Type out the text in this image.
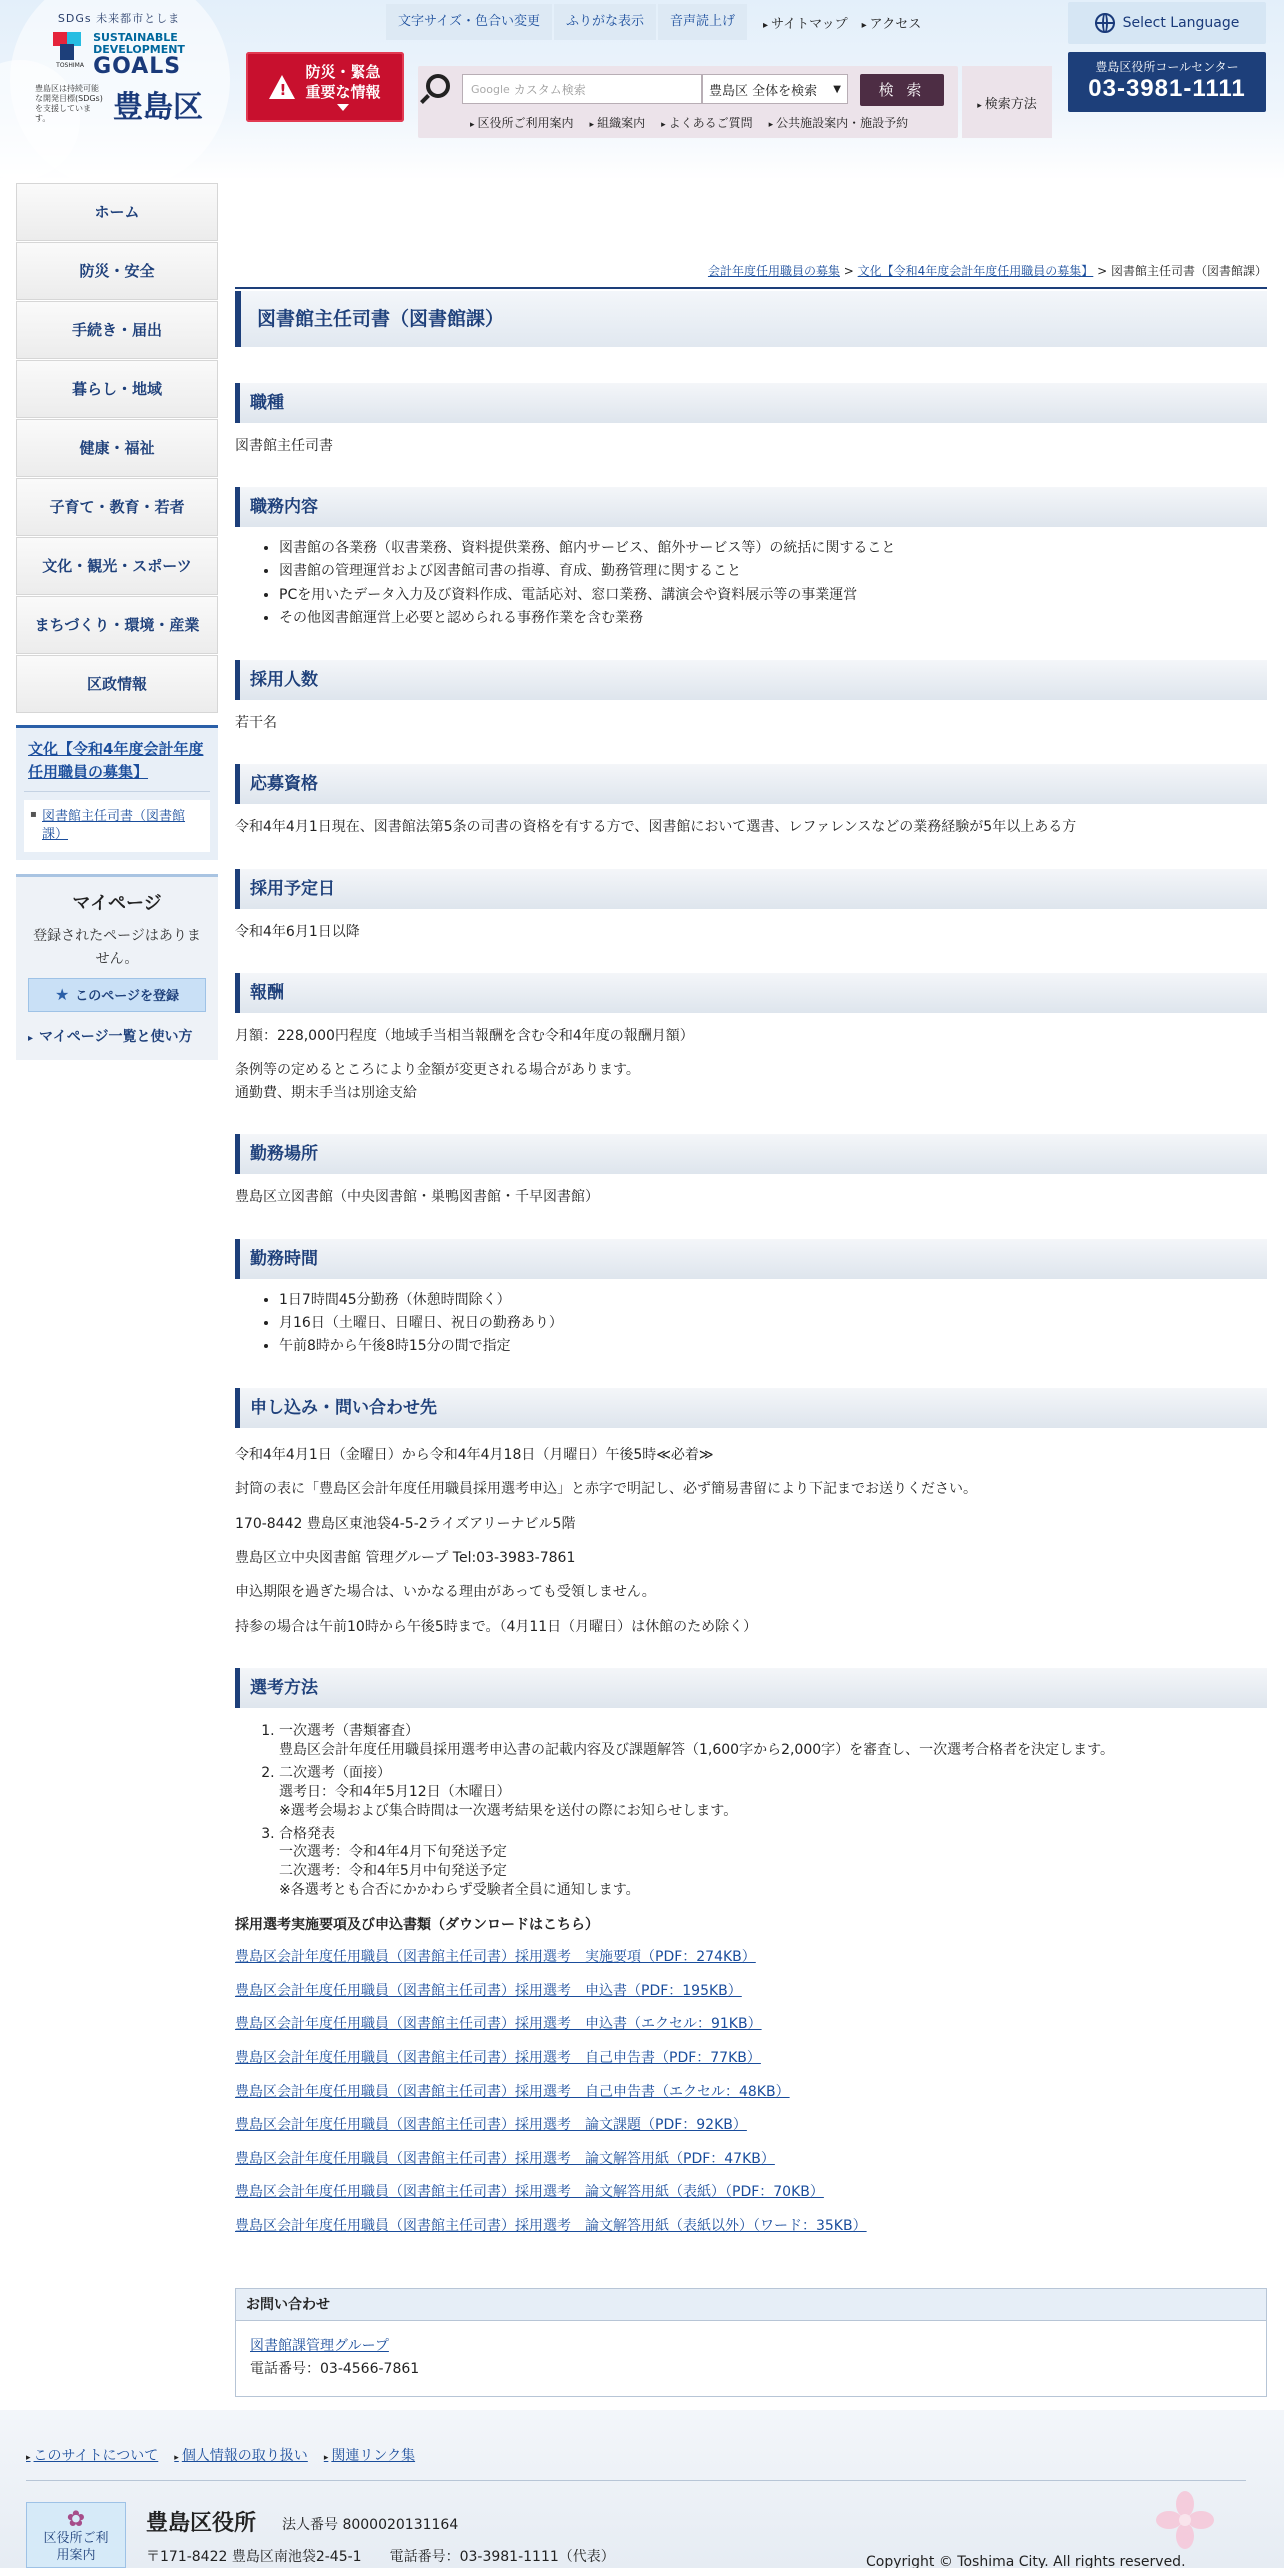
SDGs 未来都市としま
TOSHIMA
SUSTAINABLE
DEVELOPMENT
GOALS
豊島区は持続可能な開発目標(SDGs)を支援しています。	豊島区
!
防災・緊急
重要な情報
文字サイズ・色合い変更	ふりがな表示	音声読上げ	▸ サイトマップ	▸ アクセス	Select Language
Google カスタム検索	豊島区 全体を検索 ▼	検 索
▸ 区役所ご利用案内	▸ 組織案内	▸ よくあるご質問	▸ 公共施設案内・施設予約
▸ 検索方法
豊島区役所コールセンター
03-3981-1111
ホーム
防災・安全
手続き・届出
暮らし・地域
健康・福祉
子育て・教育・若者
文化・観光・スポーツ
まちづくり・環境・産業
区政情報
文化【令和4年度会計年度任用職員の募集】
▪ 図書館主任司書（図書館課）
マイページ
登録されたページはありません。
★ このページを登録
▸ マイページ一覧と使い方
会計年度任用職員の募集 > 文化【令和4年度会計年度任用職員の募集】 > 図書館主任司書（図書館課）
図書館主任司書（図書館課）
職種

図書館主任司書

職務内容
• 図書館の各業務（収書業務、資料提供業務、館内サービス、館外サービス等）の統括に関すること
• 図書館の管理運営および図書館司書の指導、育成、勤務管理に関すること
• PCを用いたデータ入力及び資料作成、電話応対、窓口業務、講演会や資料展示等の事業運営
• その他図書館運営上必要と認められる事務作業を含む業務
採用人数

若干名

応募資格

令和4年4月1日現在、図書館法第5条の司書の資格を有する方で、図書館において選書、レファレンスなどの業務経験が5年以上ある方

採用予定日

令和4年6月1日以降

報酬

月額：228,000円程度（地域手当相当報酬を含む令和4年度の報酬月額）

条例等の定めるところにより金額が変更される場合があります。

通勤費、期末手当は別途支給

勤務場所

豊島区立図書館（中央図書館・巣鴨図書館・千早図書館）

勤務時間
• 1日7時間45分勤務（休憩時間除く）
• 月16日（土曜日、日曜日、祝日の勤務あり）
• 午前8時から午後8時15分の間で指定
申し込み・問い合わせ先

令和4年4月1日（金曜日）から令和4年4月18日（月曜日）午後5時≪必着≫

封筒の表に「豊島区会計年度任用職員採用選考申込」と赤字で明記し、必ず簡易書留により下記までお送りください。

170-8442 豊島区東池袋4-5-2ライズアリーナビル5階

豊島区立中央図書館 管理グループ Tel:03-3983-7861

申込期限を過ぎた場合は、いかなる理由があっても受領しません。

持参の場合は午前10時から午後5時まで。（4月11日（月曜日）は休館のため除く）

選考方法
1. 一次選考（書類審査）
豊島区会計年度任用職員採用選考申込書の記載内容及び課題解答（1,600字から2,000字）を審査し、一次選考合格者を決定します。
2. 二次選考（面接）
選考日：令和4年5月12日（木曜日）
※選考会場および集合時間は一次選考結果を送付の際にお知らせします。
3. 合格発表
一次選考：令和4年4月下旬発送予定
二次選考：令和4年5月中旬発送予定
※各選考とも合否にかかわらず受験者全員に通知します。
採用選考実施要項及び申込書類（ダウンロードはこちら）
豊島区会計年度任用職員（図書館主任司書）採用選考　実施要項（PDF：274KB）
豊島区会計年度任用職員（図書館主任司書）採用選考　申込書（PDF：195KB）
豊島区会計年度任用職員（図書館主任司書）採用選考　申込書（エクセル：91KB）
豊島区会計年度任用職員（図書館主任司書）採用選考　自己申告書（PDF：77KB）
豊島区会計年度任用職員（図書館主任司書）採用選考　自己申告書（エクセル：48KB）
豊島区会計年度任用職員（図書館主任司書）採用選考　論文課題（PDF：92KB）
豊島区会計年度任用職員（図書館主任司書）採用選考　論文解答用紙（PDF：47KB）
豊島区会計年度任用職員（図書館主任司書）採用選考　論文解答用紙（表紙）（PDF：70KB）
豊島区会計年度任用職員（図書館主任司書）採用選考　論文解答用紙（表紙以外）（ワード：35KB）
お問い合わせ
図書館課管理グループ
電話番号：03-4566-7861
▲
▸ このサイトについて	▸ 個人情報の取り扱い	▸ 関連リンク集
✿
区役所ご利用案内
豊島区役所 法人番号 8000020131164
〒171-8422 豊島区南池袋2-45-1　　電話番号：03-3981-1111（代表）	Copyright © Toshima City. All rights reserved.
